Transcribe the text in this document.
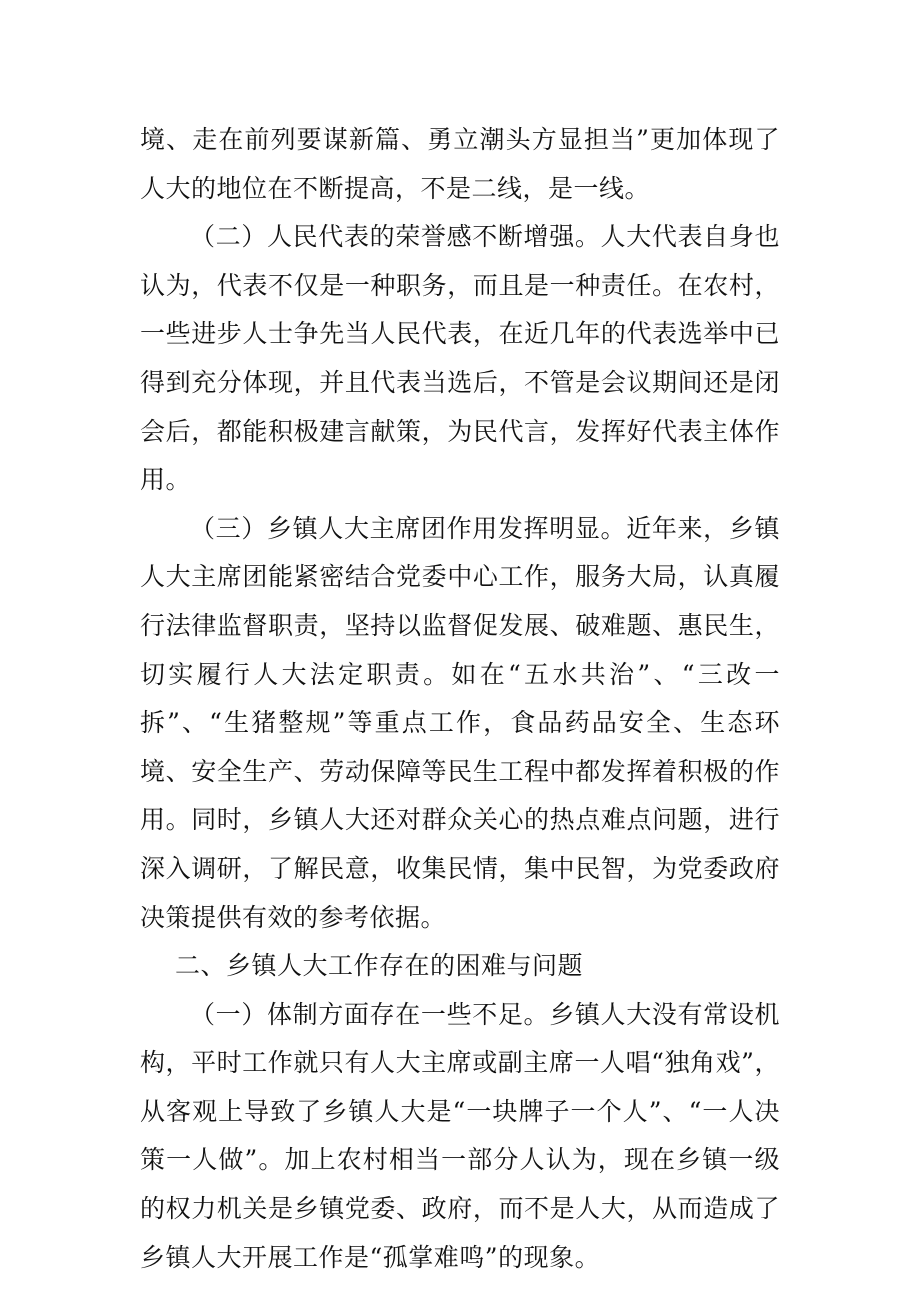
境、走在前列要谋新篇、勇立潮头方显担当”更加体现了人大的地位在不断提高，不是二线，是一线。

（二）人民代表的荣誉感不断增强。人大代表自身也认为，代表不仅是一种职务，而且是一种责任。在农村，一些进步人士争先当人民代表，在近几年的代表选举中已得到充分体现，并且代表当选后，不管是会议期间还是闭会后，都能积极建言献策，为民代言，发挥好代表主体作用。

（三）乡镇人大主席团作用发挥明显。近年来，乡镇人大主席团能紧密结合党委中心工作，服务大局，认真履行法律监督职责，坚持以监督促发展、破难题、惠民生，切实履行人大法定职责。如在“五水共治”、“三改一拆”、“生猪整规”等重点工作，食品药品安全、生态环境、安全生产、劳动保障等民生工程中都发挥着积极的作用。同时，乡镇人大还对群众关心的热点难点问题，进行深入调研，了解民意，收集民情，集中民智，为党委政府决策提供有效的参考依据。

二、乡镇人大工作存在的困难与问题

（一）体制方面存在一些不足。乡镇人大没有常设机构，平时工作就只有人大主席或副主席一人唱“独角戏”，从客观上导致了乡镇人大是“一块牌子一个人”、“一人决策一人做”。加上农村相当一部分人认为，现在乡镇一级的权力机关是乡镇党委、政府，而不是人大，从而造成了乡镇人大开展工作是“孤掌难鸣”的现象。
